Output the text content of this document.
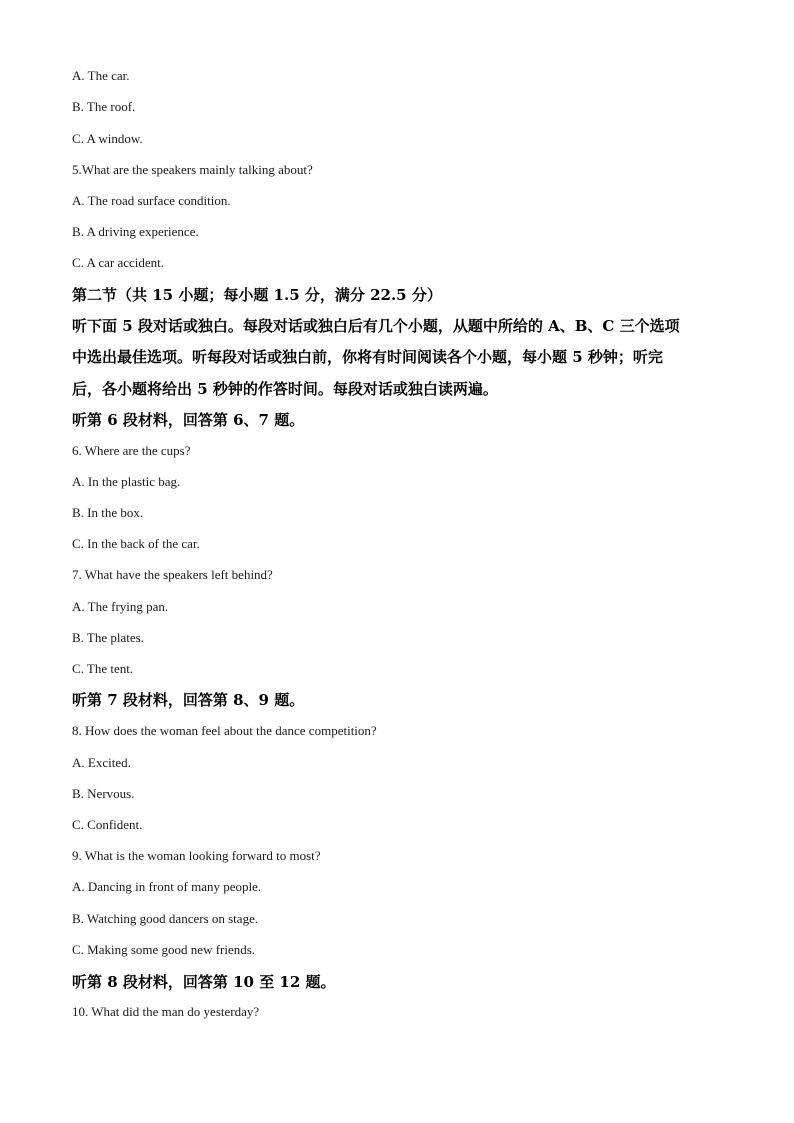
A. The car.
B. The roof.
C. A window.
5.What are the speakers mainly talking about?
A. The road surface condition.
B. A driving experience.
C. A car accident.
第二节（共 15 小题；每小题 1.5 分，满分 22.5 分）
听下面 5 段对话或独白。每段对话或独白后有几个小题，从题中所给的 A、B、C 三个选项
中选出最佳选项。听每段对话或独白前，你将有时间阅读各个小题，每小题 5 秒钟；听完
后，各小题将给出 5 秒钟的作答时间。每段对话或独白读两遍。
听第 6 段材料，回答第 6、7 题。
6. Where are the cups?
A. In the plastic bag.
B. In the box.
C. In the back of the car.
7. What have the speakers left behind?
A. The frying pan.
B. The plates.
C. The tent.
听第 7 段材料，回答第 8、9 题。
8. How does the woman feel about the dance competition?
A. Excited.
B. Nervous.
C. Confident.
9. What is the woman looking forward to most?
A. Dancing in front of many people.
B. Watching good dancers on stage.
C. Making some good new friends.
听第 8 段材料，回答第 10 至 12 题。
10. What did the man do yesterday?
